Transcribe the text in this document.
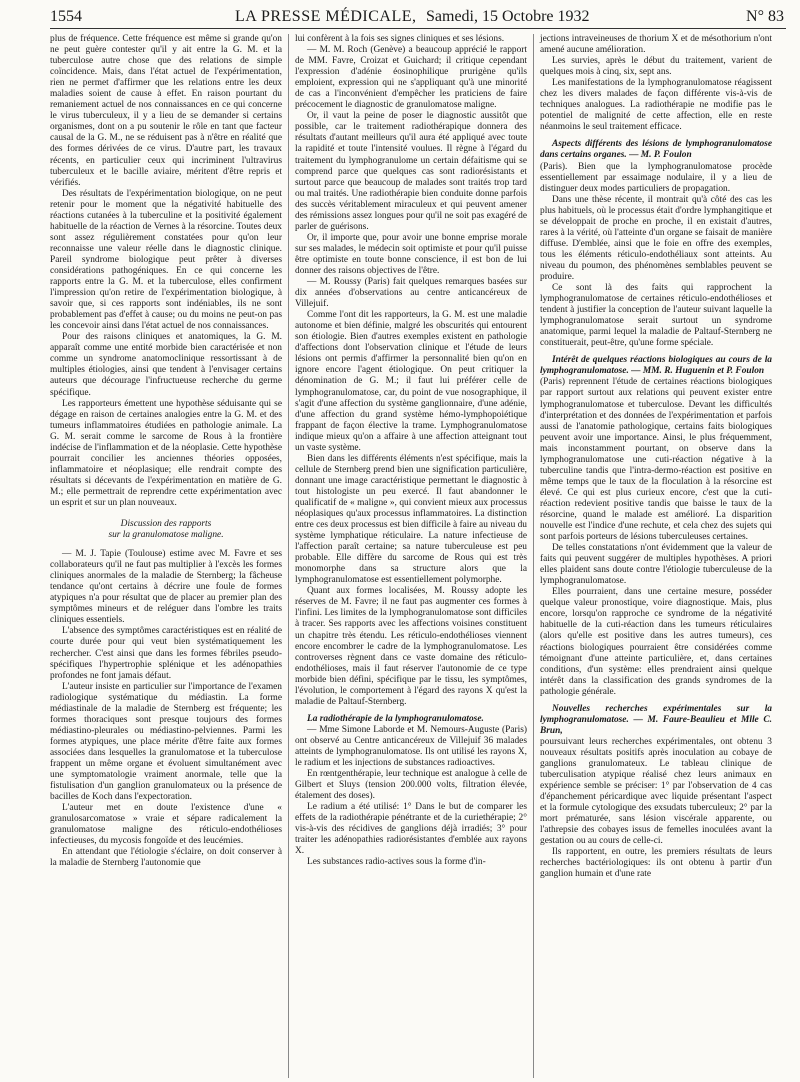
1554	LA PRESSE MÉDICALE, Samedi, 15 Octobre 1932	N° 83

plus de fréquence. Cette fréquence est même si grande qu'on ne peut guère contester qu'il y ait entre la G. M. et la tuberculose autre chose que des relations de simple coïncidence. Mais, dans l'état actuel de l'expérimentation, rien ne permet d'affirmer que les relations entre les deux maladies soient de cause à effet. En raison pourtant du remaniement actuel de nos connaissances en ce qui concerne le virus tuberculeux, il y a lieu de se demander si certains organismes, dont on a pu soutenir le rôle en tant que facteur causal de la G. M., ne se réduisent pas à n'être en réalité que des formes dérivées de ce virus. D'autre part, les travaux récents, en particulier ceux qui incriminent l'ultravirus tuberculeux et le bacille aviaire, méritent d'être repris et vérifiés.

Des résultats de l'expérimentation biologique, on ne peut retenir pour le moment que la négativité habituelle des réactions cutanées à la tuberculine et la positivité également habituelle de la réaction de Vernes à la résorcine. Toutes deux sont assez régulièrement constatées pour qu'on leur reconnaisse une valeur réelle dans le diagnostic clinique. Pareil syndrome biologique peut prêter à diverses considérations pathogéniques. En ce qui concerne les rapports entre la G. M. et la tuberculose, elles confirment l'impression qu'on retire de l'expérimentation biologique, à savoir que, si ces rapports sont indéniables, ils ne sont probablement pas d'effet à cause; ou du moins ne peut-on pas les concevoir ainsi dans l'état actuel de nos connaissances.

Pour des raisons cliniques et anatomiques, la G. M. apparaît comme une entité morbide bien caractérisée et non comme un syndrome anatomoclinique ressortissant à de multiples étiologies, ainsi que tendent à l'envisager certains auteurs que décourage l'infructueuse recherche du germe spécifique.

Les rapporteurs émettent une hypothèse séduisante qui se dégage en raison de certaines analogies entre la G. M. et des tumeurs inflammatoires étudiées en pathologie animale. La G. M. serait comme le sarcome de Rous à la frontière indécise de l'inflammation et de la néoplasie. Cette hypothèse pourrait concilier les anciennes théories opposées, inflammatoire et néoplasique; elle rendrait compte des résultats si décevants de l'expérimentation en matière de G. M.; elle permettrait de reprendre cette expérimentation avec un esprit et sur un plan nouveaux.

Discussion des rapports
sur la granulomatose maligne.

— M. J. Tapie (Toulouse) estime avec M. Favre et ses collaborateurs qu'il ne faut pas multiplier à l'excès les formes cliniques anormales de la maladie de Sternberg; la fâcheuse tendance qu'ont certains à décrire une foule de formes atypiques n'a pour résultat que de placer au premier plan des symptômes mineurs et de reléguer dans l'ombre les traits cliniques essentiels.

L'absence des symptômes caractéristiques est en réalité de courte durée pour qui veut bien systématiquement les rechercher. C'est ainsi que dans les formes fébriles pseudo-spécifiques l'hypertrophie splénique et les adénopathies profondes ne font jamais défaut.

L'auteur insiste en particulier sur l'importance de l'examen radiologique systématique du médiastin. La forme médiastinale de la maladie de Sternberg est fréquente; les formes thoraciques sont presque toujours des formes médiastino-pleurales ou médiastino-pelviennes. Parmi les formes atypiques, une place mérite d'être faite aux formes associées dans lesquelles la granulomatose et la tuberculose frappent un même organe et évoluent simultanément avec une symptomatologie vraiment anormale, telle que la fistulisation d'un ganglion granulomateux ou la présence de bacilles de Koch dans l'expectoration.

L'auteur met en doute l'existence d'une « granulosarcomatose » vraie et sépare radicalement la granulomatose maligne des réticulo-endothélioses infectieuses, du mycosis fongoïde et des leucémies.

En attendant que l'étiologie s'éclaire, on doit conserver à la maladie de Sternberg l'autonomie que

lui confèrent à la fois ses signes cliniques et ses lésions.

— M. M. Roch (Genève) a beaucoup apprécié le rapport de MM. Favre, Croizat et Guichard; il critique cependant l'expression d'adénie éosinophilique prurigène qu'ils emploient, expression qui ne s'appliquant qu'à une minorité de cas a l'inconvénient d'empêcher les praticiens de faire précocement le diagnostic de granulomatose maligne.

Or, il vaut la peine de poser le diagnostic aussitôt que possible, car le traitement radiothérapique donnera des résultats d'autant meilleurs qu'il aura été appliqué avec toute la rapidité et toute l'intensité voulues. Il règne à l'égard du traitement du lymphogranulome un certain défaitisme qui se comprend parce que quelques cas sont radiorésistants et surtout parce que beaucoup de malades sont traités trop tard ou mal traités. Une radiothérapie bien conduite donne parfois des succès véritablement miraculeux et qui peuvent amener des rémissions assez longues pour qu'il ne soit pas exagéré de parler de guérisons.

Or, il importe que, pour avoir une bonne emprise morale sur ses malades, le médecin soit optimiste et pour qu'il puisse être optimiste en toute bonne conscience, il est bon de lui donner des raisons objectives de l'être.

— M. Roussy (Paris) fait quelques remarques basées sur dix années d'observations au centre anticancéreux de Villejuif.

Comme l'ont dit les rapporteurs, la G. M. est une maladie autonome et bien définie, malgré les obscurités qui entourent son étiologie. Bien d'autres exemples existent en pathologie d'affections dont l'observation clinique et l'étude de leurs lésions ont permis d'affirmer la personnalité bien qu'on en ignore encore l'agent étiologique. On peut critiquer la dénomination de G. M.; il faut lui préférer celle de lymphogranulomatose, car, du point de vue nosographique, il s'agit d'une affection du système ganglionnaire, d'une adénie, d'une affection du grand système hémo-lymphopoiétique frappant de façon élective la trame. Lymphogranulomatose indique mieux qu'on a affaire à une affection atteignant tout un vaste système.

Bien dans les différents éléments n'est spécifique, mais la cellule de Sternberg prend bien une signification particulière, donnant une image caractéristique permettant le diagnostic à tout histologiste un peu exercé. Il faut abandonner le qualificatif de « maligne », qui convient mieux aux processus néoplasiques qu'aux processus inflammatoires. La distinction entre ces deux processus est bien difficile à faire au niveau du système lymphatique réticulaire. La nature infectieuse de l'affection paraît certaine; sa nature tuberculeuse est peu probable. Elle diffère du sarcome de Rous qui est très monomorphe dans sa structure alors que la lymphogranulomatose est essentiellement polymorphe.

Quant aux formes localisées, M. Roussy adopte les réserves de M. Favre; il ne faut pas augmenter ces formes à l'infini. Les limites de la lymphogranulomatose sont difficiles à tracer. Ses rapports avec les affections voisines constituent un chapitre très étendu. Les réticulo-endothélioses viennent encore encombrer le cadre de la lymphogranulomatose. Les controverses règnent dans ce vaste domaine des réticulo-endothélioses, mais il faut réserver l'autonomie de ce type morbide bien défini, spécifique par le tissu, les symptômes, l'évolution, le comportement à l'égard des rayons X qu'est la maladie de Paltauf-Sternberg.

La radiothérapie de la lymphogranulomatose.

— Mme Simone Laborde et M. Nemours-Auguste (Paris) ont observé au Centre anticancéreux de Villejuif 36 malades atteints de lymphogranulomatose. Ils ont utilisé les rayons X, le radium et les injections de substances radioactives.

En rœntgenthérapie, leur technique est analogue à celle de Gilbert et Sluys (tension 200.000 volts, filtration élevée, étalement des doses).

Le radium a été utilisé: 1° Dans le but de comparer les effets de la radiothérapie pénétrante et de la curiethérapie; 2° vis-à-vis des récidives de ganglions déjà irradiés; 3° pour traiter les adénopathies radiorésistantes d'emblée aux rayons X.

Les substances radio-actives sous la forme d'in-

jections intraveineuses de thorium X et de mésothorium n'ont amené aucune amélioration.

Les survies, après le début du traitement, varient de quelques mois à cinq, six, sept ans.

Les manifestations de la lymphogranulomatose réagissent chez les divers malades de façon différente vis-à-vis de techniques analogues. La radiothérapie ne modifie pas le potentiel de malignité de cette affection, elle en reste néanmoins le seul traitement efficace.

Aspects différents des lésions de lymphogranulomatose dans certains organes. — M. P. Foulon

(Paris). Bien que la lymphogranulomatose procède essentiellement par essaimage nodulaire, il y a lieu de distinguer deux modes particuliers de propagation.

Dans une thèse récente, il montrait qu'à côté des cas les plus habituels, où le processus était d'ordre lymphangitique et se développait de proche en proche, il en existait d'autres, rares à la vérité, où l'atteinte d'un organe se faisait de manière diffuse. D'emblée, ainsi que le foie en offre des exemples, tous les éléments réticulo-endothéliaux sont atteints. Au niveau du poumon, des phénomènes semblables peuvent se produire.

Ce sont là des faits qui rapprochent la lymphogranulomatose de certaines réticulo-endothélioses et tendent à justifier la conception de l'auteur suivant laquelle la lymphogranulomatose serait surtout un syndrome anatomique, parmi lequel la maladie de Paltauf-Sternberg ne constituerait, peut-être, qu'une forme spéciale.

Intérêt de quelques réactions biologiques au cours de la lymphogranulomatose. — MM. R. Huguenin et P. Foulon

(Paris) reprennent l'étude de certaines réactions biologiques par rapport surtout aux relations qui peuvent exister entre lymphogranulomatose et tuberculose. Devant les difficultés d'interprétation et des données de l'expérimentation et parfois aussi de l'anatomie pathologique, certains faits biologiques peuvent avoir une importance. Ainsi, le plus fréquemment, mais inconstamment pourtant, on observe dans la lymphogranulomatose une cuti-réaction négative à la tuberculine tandis que l'intra-dermo-réaction est positive en même temps que le taux de la floculation à la résorcine est élevé. Ce qui est plus curieux encore, c'est que la cuti-réaction redevient positive tandis que baisse le taux de la résorcine, quand le malade est amélioré. La disparition nouvelle est l'indice d'une rechute, et cela chez des sujets qui sont parfois porteurs de lésions tuberculeuses certaines.

De telles constatations n'ont évidemment que la valeur de faits qui peuvent suggérer de multiples hypothèses. A priori elles plaident sans doute contre l'étiologie tuberculeuse de la lymphogranulomatose.

Elles pourraient, dans une certaine mesure, posséder quelque valeur pronostique, voire diagnostique. Mais, plus encore, lorsqu'on rapproche ce syndrome de la négativité habituelle de la cuti-réaction dans les tumeurs réticulaires (alors qu'elle est positive dans les autres tumeurs), ces réactions biologiques pourraient être considérées comme témoignant d'une atteinte particulière, et, dans certaines conditions, d'un système: elles prendraient ainsi quelque intérêt dans la classification des grands syndromes de la pathologie générale.

Nouvelles recherches expérimentales sur la lymphogranulomatose. — M. Faure-Beaulieu et Mlle C. Brun,

poursuivant leurs recherches expérimentales, ont obtenu 3 nouveaux résultats positifs après inoculation au cobaye de ganglions granulomateux. Le tableau clinique de tuberculisation atypique réalisé chez leurs animaux en expérience semble se préciser: 1° par l'observation de 4 cas d'épanchement péricardique avec liquide présentant l'aspect et la formule cytologique des exsudats tuberculeux; 2° par la mort prématurée, sans lésion viscérale apparente, ou l'athrepsie des cobayes issus de femelles inoculées avant la gestation ou au cours de celle-ci.

Ils rapportent, en outre, les premiers résultats de leurs recherches bactériologiques: ils ont obtenu à partir d'un ganglion humain et d'une rate
